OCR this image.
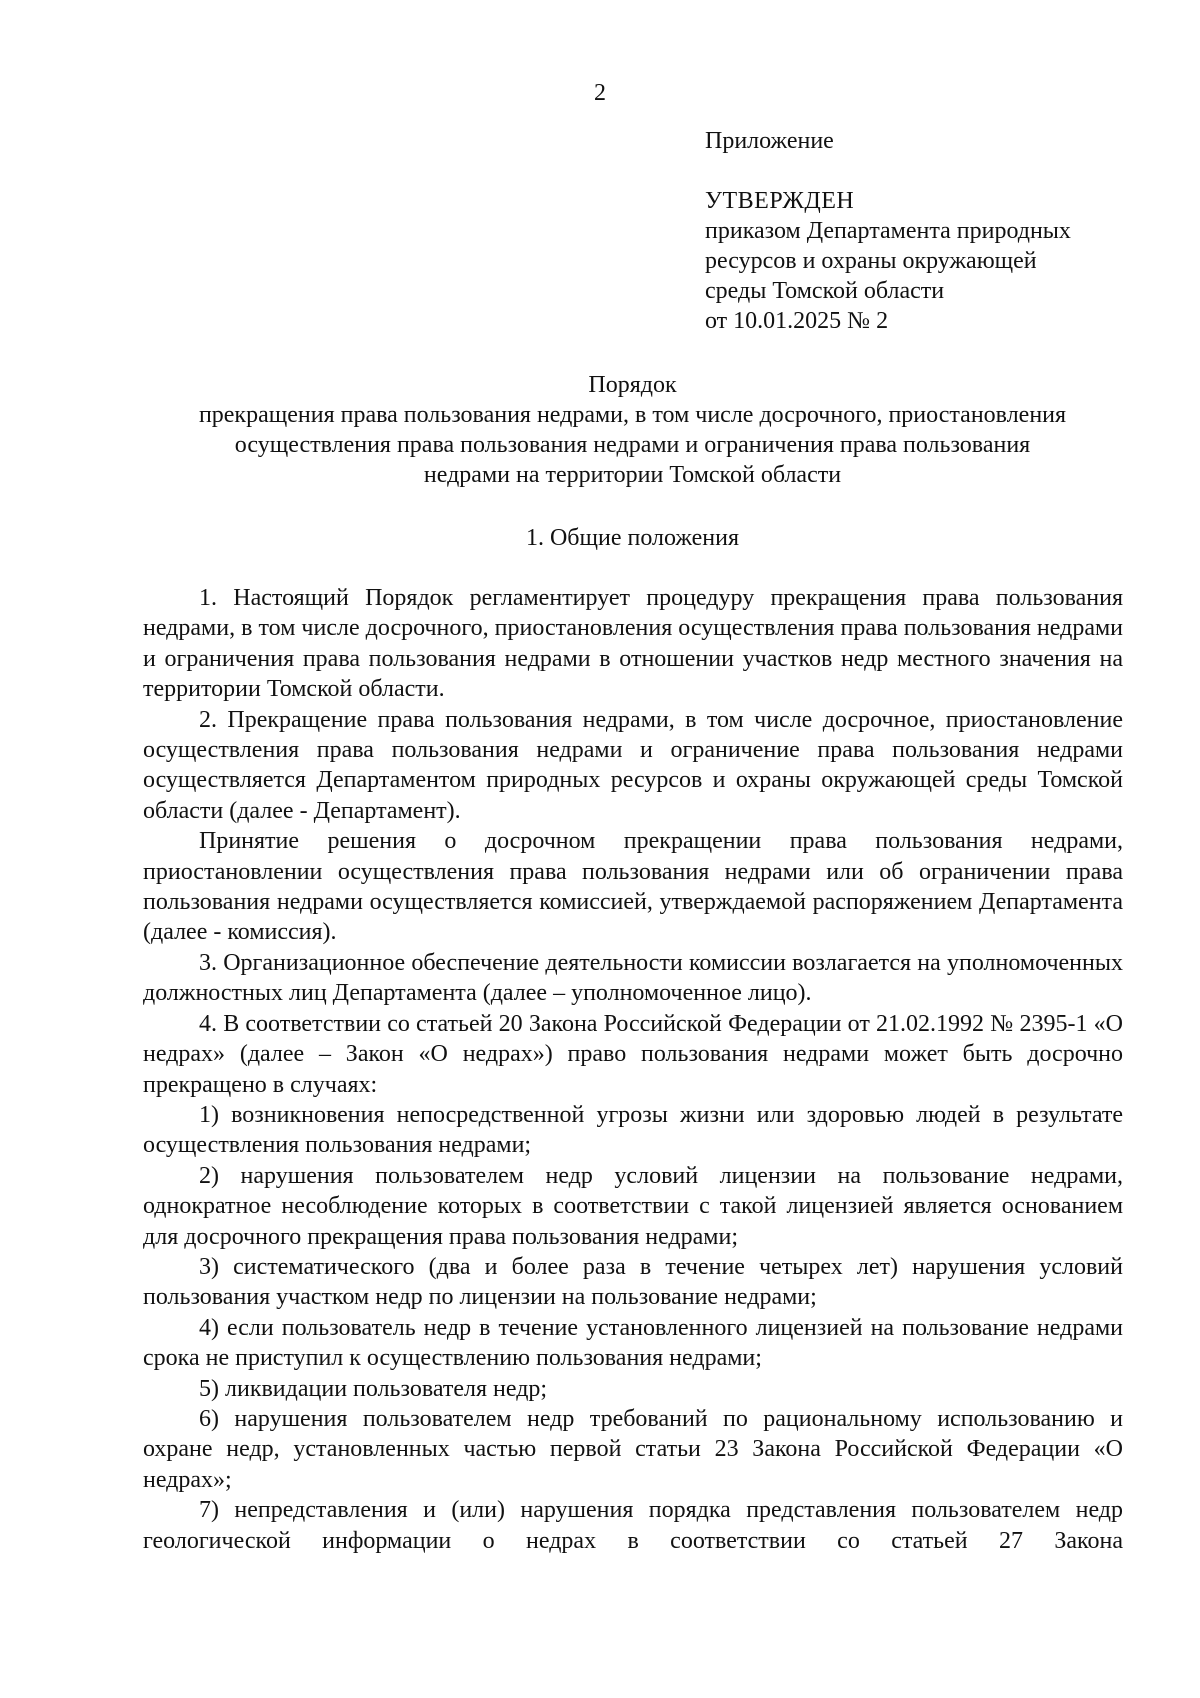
2
Приложение
УТВЕРЖДЕН
приказом Департамента природных
ресурсов и охраны окружающей
среды Томской области
от 10.01.2025 № 2
Порядок
прекращения права пользования недрами, в том числе досрочного, приостановления
осуществления права пользования недрами и ограничения права пользования
недрами на территории Томской области
1. Общие положения

1. Настоящий Порядок регламентирует процедуру прекращения права пользования недрами, в том числе досрочного, приостановления осуществления права пользования недрами и ограничения права пользования недрами в отношении участков недр местного значения на территории Томской области.

2. Прекращение права пользования недрами, в том числе досрочное, приостановление осуществления права пользования недрами и ограничение права пользования недрами осуществляется Департаментом природных ресурсов и охраны окружающей среды Томской области (далее - Департамент).

Принятие решения о досрочном прекращении права пользования недрами, приостановлении осуществления права пользования недрами или об ограничении права пользования недрами осуществляется комиссией, утверждаемой распоряжением Департамента (далее - комиссия).

3. Организационное обеспечение деятельности комиссии возлагается на уполномоченных должностных лиц Департамента (далее – уполномоченное лицо).

4. В соответствии со статьей 20 Закона Российской Федерации от 21.02.1992 № 2395-1 «О недрах» (далее – Закон «О недрах») право пользования недрами может быть досрочно прекращено в случаях:

1) возникновения непосредственной угрозы жизни или здоровью людей в результате осуществления пользования недрами;

2) нарушения пользователем недр условий лицензии на пользование недрами, однократное несоблюдение которых в соответствии с такой лицензией является основанием для досрочного прекращения права пользования недрами;

3) систематического (два и более раза в течение четырех лет) нарушения условий пользования участком недр по лицензии на пользование недрами;

4) если пользователь недр в течение установленного лицензией на пользование недрами срока не приступил к осуществлению пользования недрами;

5) ликвидации пользователя недр;

6) нарушения пользователем недр требований по рациональному использованию и охране недр, установленных частью первой статьи 23 Закона Российской Федерации «О недрах»;

7) непредставления и (или) нарушения порядка представления пользователем недр геологической информации о недрах в соответствии со статьей 27 Закона
